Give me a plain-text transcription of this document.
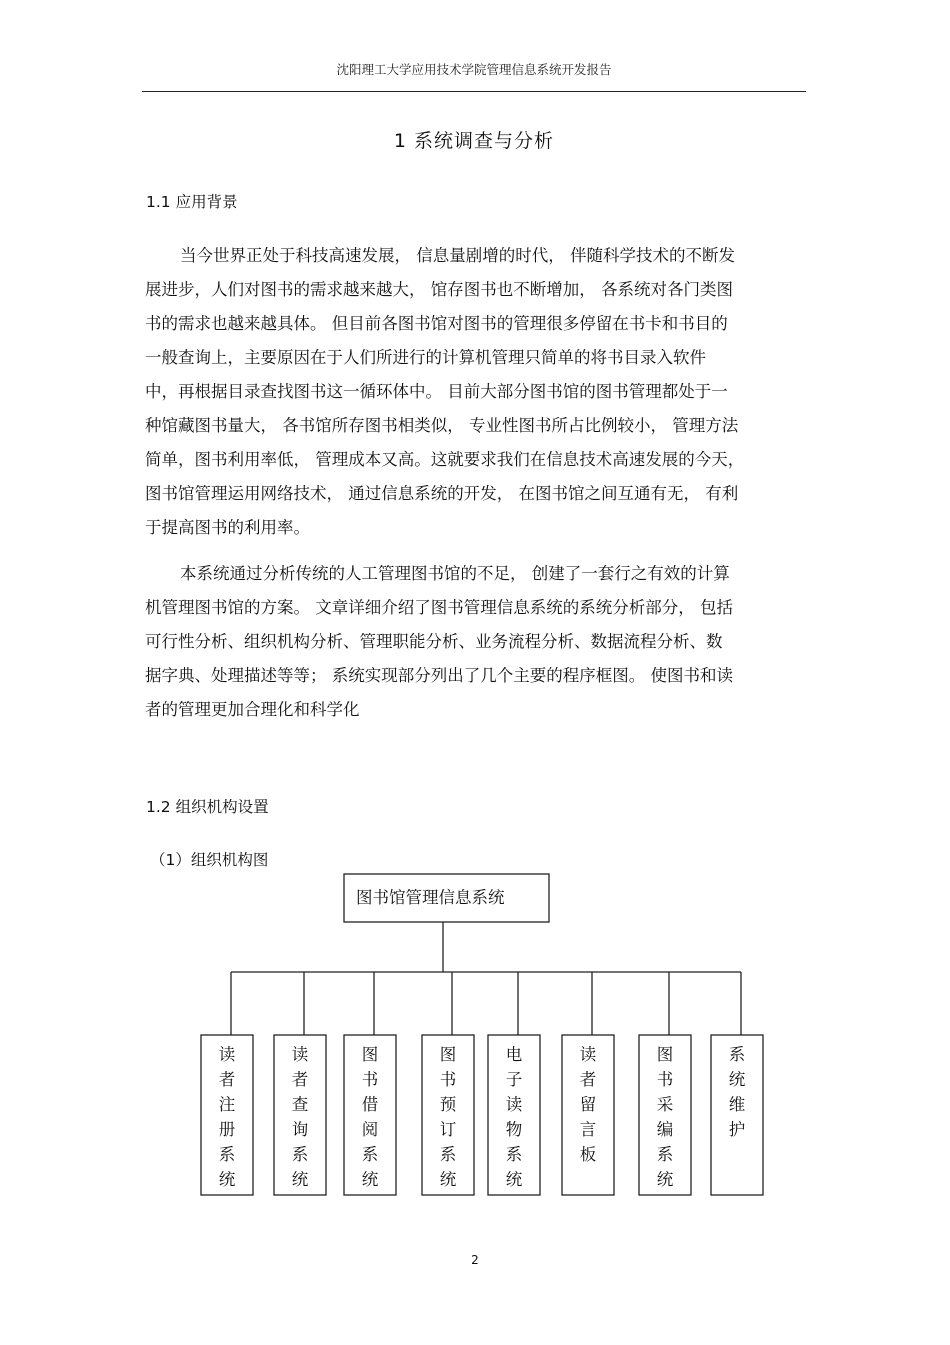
沈阳理工大学应用技术学院管理信息系统开发报告
1 系统调查与分析
1.1 应用背景
当今世界正处于科技高速发展， 信息量剧增的时代， 伴随科学技术的不断发
展进步，人们对图书的需求越来越大， 馆存图书也不断增加， 各系统对各门类图
书的需求也越来越具体。 但目前各图书馆对图书的管理很多停留在书卡和书目的
一般查询上，主要原因在于人们所进行的计算机管理只简单的将书目录入软件
中，再根据目录查找图书这一循环体中。 目前大部分图书馆的图书管理都处于一
种馆藏图书量大， 各书馆所存图书相类似， 专业性图书所占比例较小， 管理方法
简单，图书利用率低， 管理成本又高。这就要求我们在信息技术高速发展的今天，
图书馆管理运用网络技术， 通过信息系统的开发， 在图书馆之间互通有无， 有利
于提高图书的利用率。
本系统通过分析传统的人工管理图书馆的不足， 创建了一套行之有效的计算
机管理图书馆的方案。 文章详细介绍了图书管理信息系统的系统分析部分， 包括
可行性分析、组织机构分析、管理职能分析、业务流程分析、数据流程分析、数
据字典、处理描述等等； 系统实现部分列出了几个主要的程序框图。 使图书和读
者的管理更加合理化和科学化
1.2 组织机构设置
（1）组织机构图
图书馆管理信息系统
读
者
注
册
系
统
读
者
查
询
系
统
图
书
借
阅
系
统
图
书
预
订
系
统
电
子
读
物
系
统
读
者
留
言
板
图
书
采
编
系
统
系
统
维
护
2
